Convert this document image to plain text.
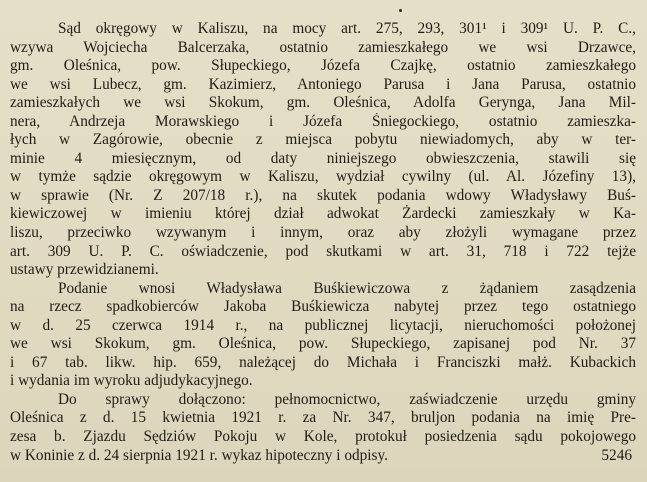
Sąd okręgowy w Kaliszu, na mocy art. 275, 293, 301¹ i 309¹ U. P. C.,
wzywa Wojciecha Balcerzaka, ostatnio zamieszkałego we wsi Drzawce,
gm. Oleśnica, pow. Słupeckiego, Józefa Czajkę, ostatnio zamieszkałego
we wsi Lubecz, gm. Kazimierz, Antoniego Parusa i Jana Parusa, ostatnio
zamieszkałych we wsi Skokum, gm. Oleśnica, Adolfa Gerynga, Jana Mil-
nera, Andrzeja Morawskiego i Józefa Śniegockiego, ostatnio zamieszka-
łych w Zagórowie, obecnie z miejsca pobytu niewiadomych, aby w ter-
minie 4 miesięcznym, od daty niniejszego obwieszczenia, stawili się
w tymże sądzie okręgowym w Kaliszu, wydział cywilny (ul. Al. Józefiny 13),
w sprawie (Nr. Z 207/18 r.), na skutek podania wdowy Władysławy Buś-
kiewiczowej w imieniu której dział adwokat Żardecki zamieszkały w Ka-
liszu, przeciwko wzywanym i innym, oraz aby złożyli wymagane przez
art. 309 U. P. C. oświadczenie, pod skutkami w art. 31, 718 i 722 tejże
ustawy przewidzianemi.
Podanie wnosi Władysława Buśkiewiczowa z żądaniem zasądzenia
na rzecz spadkobierców Jakoba Buśkiewicza nabytej przez tego ostatniego
w d. 25 czerwca 1914 r., na publicznej licytacji, nieruchomości położonej
we wsi Skokum, gm. Oleśnica, pow. Słupeckiego, zapisanej pod Nr. 37
i 67 tab. likw. hip. 659, należącej do Michała i Franciszki małż. Kubackich
i wydania im wyroku adjudykacyjnego.
Do sprawy dołączono: pełnomocnictwo, zaświadczenie urzędu gminy
Oleśnica z d. 15 kwietnia 1921 r. za Nr. 347, bruljon podania na imię Pre-
zesa b. Zjazdu Sędziów Pokoju w Kole, protokuł posiedzenia sądu pokojowego
w Koninie z d. 24 sierpnia 1921 r. wykaz hipoteczny i odpisy.	5246
